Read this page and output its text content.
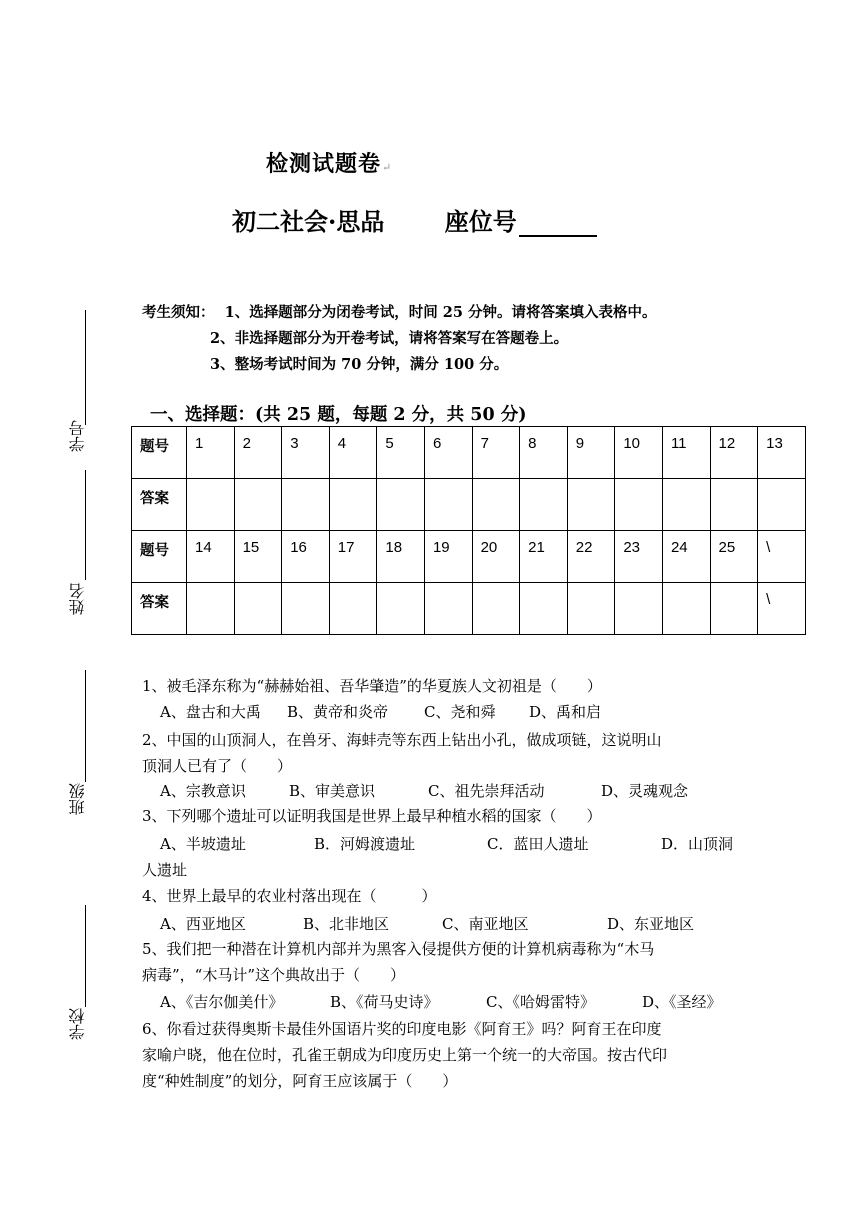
检测试题卷↵
初二社会·思品	座位号
考生须知： 1、选择题部分为闭卷考试，时间 25 分钟。请将答案填入表格中。
2、非选择题部分为开卷考试，请将答案写在答题卷上。
3、整场考试时间为 70 分钟，满分 100 分。
一、选择题：(共 25 题，每题 2 分，共 50 分)
题号	1	2	3	4	5	6	7	8	9	10	11	12	13

答案													

题号	14	15	16	17	18	19	20	21	22	23	24	25	\

答案													\
1、被毛泽东称为“赫赫始祖、吾华肇造”的华夏族人文初祖是（　　）
A、盘古和大禹 B、黄帝和炎帝 C、尧和舜 D、禹和启
2、中国的山顶洞人，在兽牙、海蚌壳等东西上钻出小孔，做成项链，这说明山
顶洞人已有了（　　）
A、宗教意识	B、审美意识	C、祖先崇拜活动	D、灵魂观念
3、下列哪个遗址可以证明我国是世界上最早种植水稻的国家（　　）
A、半坡遗址	B．河姆渡遗址	C．蓝田人遗址	D．山顶洞
人遗址
4、世界上最早的农业村落出现在（　　　）
A、西亚地区	B、北非地区	C、南亚地区	D、东亚地区
5、我们把一种潜在计算机内部并为黑客入侵提供方便的计算机病毒称为“木马
病毒”，“木马计”这个典故出于（　　）
A、《吉尔伽美什》	B、《荷马史诗》	C、《哈姆雷特》	D、《圣经》
6、你看过获得奥斯卡最佳外国语片奖的印度电影《阿育王》吗？阿育王在印度
家喻户晓，他在位时，孔雀王朝成为印度历史上第一个统一的大帝国。按古代印
度“种姓制度”的划分，阿育王应该属于（　　）
学号
姓名
班级
学校
